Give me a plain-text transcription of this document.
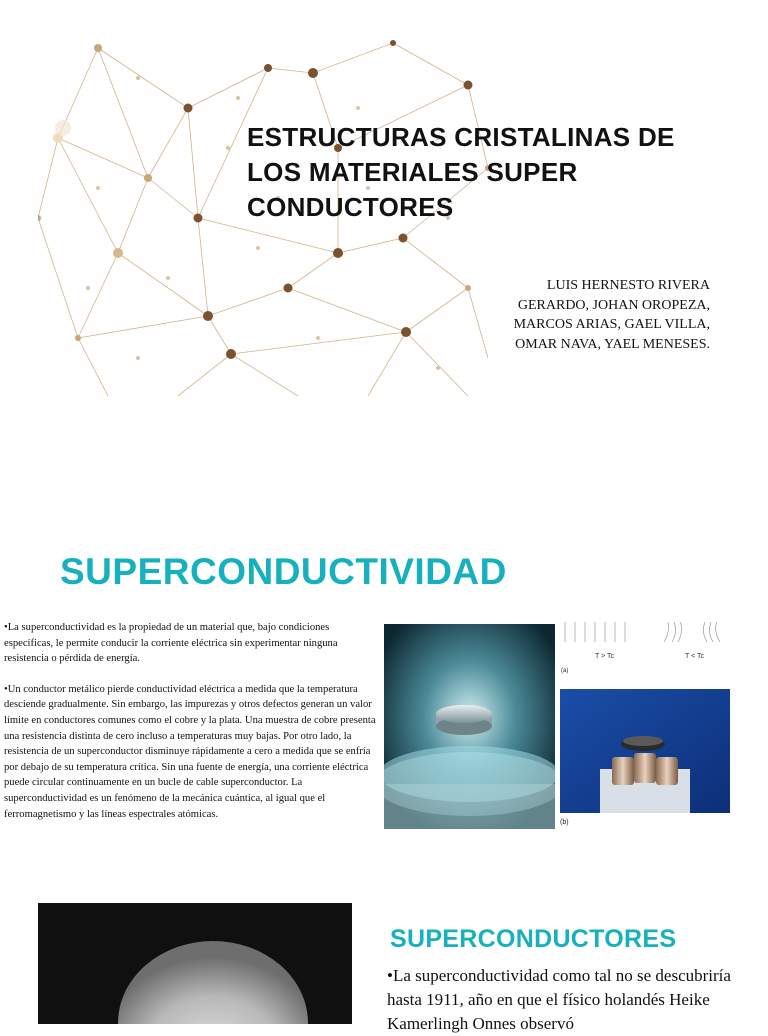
ESTRUCTURAS CRISTALINAS DE LOS MATERIALES SUPER CONDUCTORES
LUIS HERNESTO RIVERA GERARDO, JOHAN OROPEZA, MARCOS ARIAS, GAEL VILLA, OMAR NAVA, YAEL MENESES.
SUPERCONDUCTIVIDAD

•La superconductividad es la propiedad de un material que, bajo condiciones específicas, le permite conducir la corriente eléctrica sin experimentar ninguna resistencia o pérdida de energía.

•Un conductor metálico pierde conductividad eléctrica a medida que la temperatura desciende gradualmente. Sin embargo, las impurezas y otros defectos generan un valor límite en conductores comunes como el cobre y la plata. Una muestra de cobre presenta una resistencia distinta de cero incluso a temperaturas muy bajas. Por otro lado, la resistencia de un superconductor disminuye rápidamente a cero a medida que se enfría por debajo de su temperatura crítica. Sin una fuente de energía, una corriente eléctrica puede circular continuamente en un bucle de cable superconductor. La superconductividad es un fenómeno de la mecánica cuántica, al igual que el ferromagnetismo y las líneas espectrales atómicas.

T > Tc	T < Tc
(a)
(b)
SUPERCONDUCTORES
•La superconductividad como tal no se descubriría hasta 1911, año en que el físico holandés Heike Kamerlingh Onnes observó
